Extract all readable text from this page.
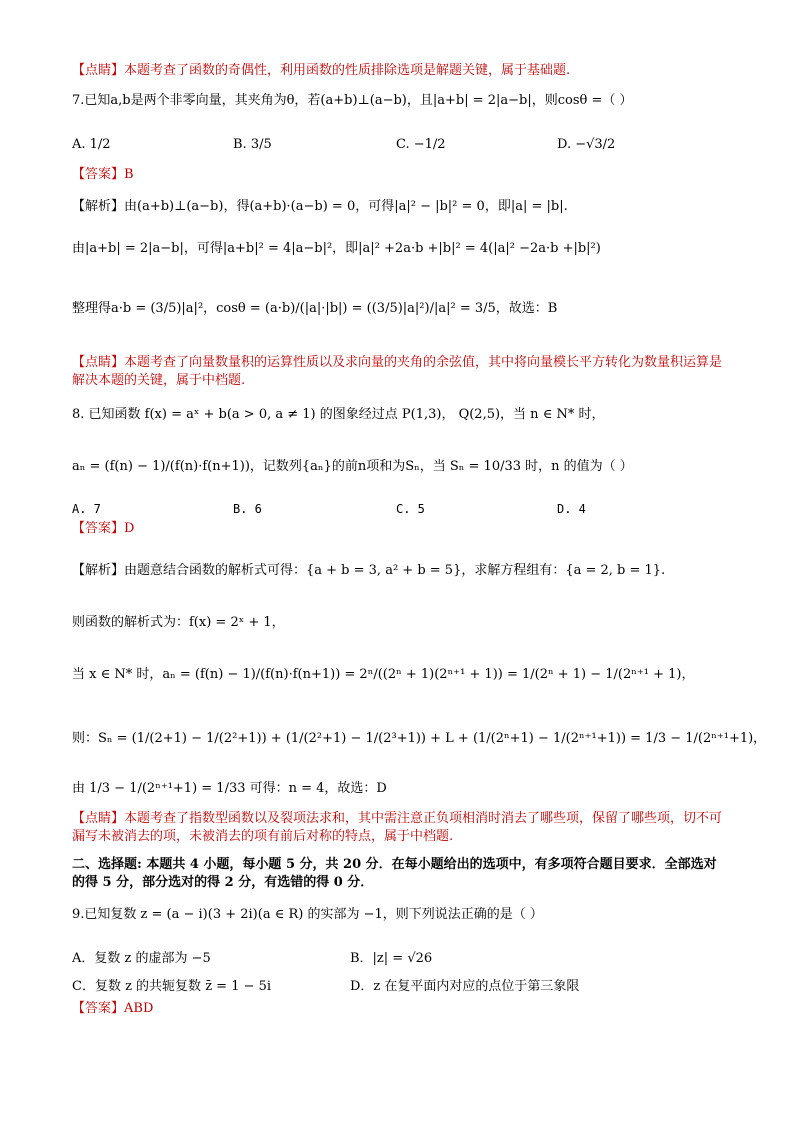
【点睛】本题考查了函数的奇偶性，利用函数的性质排除选项是解题关键，属于基础题.
7.已知a,b是两个非零向量，其夹角为θ，若(a+b)⊥(a−b)，且|a+b| = 2|a−b|，则cosθ =（ ）
A. 1/2	B. 3/5	C. −1/2	D. −√3/2
【答案】B
【解析】由(a+b)⊥(a−b)，得(a+b)·(a−b) = 0，可得|a|² − |b|² = 0，即|a| = |b|.
由|a+b| = 2|a−b|，可得|a+b|² = 4|a−b|²，即|a|² +2a·b +|b|² = 4(|a|² −2a·b +|b|²)
整理得a·b = (3/5)|a|²，cosθ = (a·b)/(|a|·|b|) = ((3/5)|a|²)/|a|² = 3/5，故选：B
【点睛】本题考查了向量数量积的运算性质以及求向量的夹角的余弦值，其中将向量模长平方转化为数量积运算是解决本题的关键，属于中档题.
8. 已知函数 f(x) = aˣ + b(a > 0, a ≠ 1) 的图象经过点 P(1,3)， Q(2,5)，当 n ∈ N* 时，
aₙ = (f(n) − 1)/(f(n)·f(n+1))，记数列{aₙ}的前n项和为Sₙ，当 Sₙ = 10/33 时，n 的值为（ ）
A. 7	B. 6	C. 5	D. 4
【答案】D
【解析】由题意结合函数的解析式可得：{a + b = 3, a² + b = 5}，求解方程组有：{a = 2, b = 1}.
则函数的解析式为：f(x) = 2ˣ + 1，
当 x ∈ N* 时，aₙ = (f(n) − 1)/(f(n)·f(n+1)) = 2ⁿ/((2ⁿ + 1)(2ⁿ⁺¹ + 1)) = 1/(2ⁿ + 1) − 1/(2ⁿ⁺¹ + 1)，
则：Sₙ = (1/(2+1) − 1/(2²+1)) + (1/(2²+1) − 1/(2³+1)) + L + (1/(2ⁿ+1) − 1/(2ⁿ⁺¹+1)) = 1/3 − 1/(2ⁿ⁺¹+1)，
由 1/3 − 1/(2ⁿ⁺¹+1) = 1/33 可得：n = 4，故选：D
【点睛】本题考查了指数型函数以及裂项法求和，其中需注意正负项相消时消去了哪些项，保留了哪些项，切不可漏写未被消去的项，未被消去的项有前后对称的特点，属于中档题.
二、选择题: 本题共 4 小题，每小题 5 分，共 20 分．在每小题给出的选项中，有多项符合题目要求．全部选对的得 5 分，部分选对的得 2 分，有选错的得 0 分．
9.已知复数 z = (a − i)(3 + 2i)(a ∈ R) 的实部为 −1，则下列说法正确的是（ ）
A．复数 z 的虚部为 −5	B．|z| = √26
C．复数 z 的共轭复数 z̄ = 1 − 5i	D．z 在复平面内对应的点位于第三象限
【答案】ABD
